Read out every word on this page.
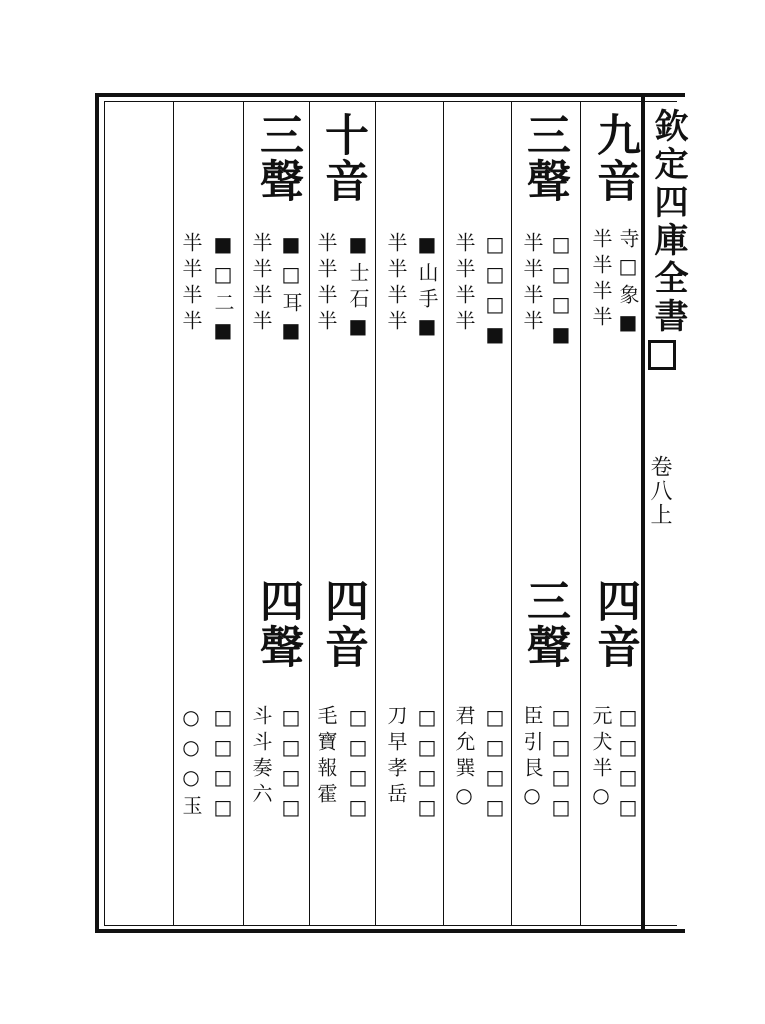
欽定四庫全書
卷八上
九音
寺□象■
半半半半
三聲
□□□■
半半半半
□□□■
半半半半
■山手■
半半半半
十音
■士石■
半半半半
三聲
■□耳■
半半半半
■□二■
半半半半
四音
□□□□
元犬半○
三聲
□□□□
臣引艮○
□□□□
君允巽○
□□□□
刀早孝岳
四音
□□□□
毛寶報霍
四聲
□□□□
斗斗奏六
□□□□
○○○玉
